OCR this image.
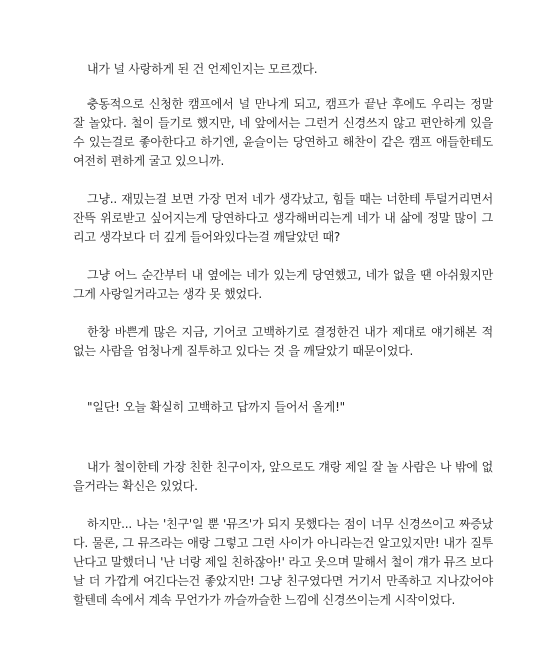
내가 널 사랑하게 된 건 언제인지는 모르겠다.

충동적으로 신청한 캠프에서 널 만나게 되고, 캠프가 끝난 후에도 우리는 정말 잘 놀았다. 철이 들기로 했지만, 네 앞에서는 그런거 신경쓰지 않고 편안하게 있을 수 있는걸로 좋아한다고 하기엔, 윤슬이는 당연하고 해찬이 같은 캠프 애들한테도 여전히 편하게 굴고 있으니까.

그냥.. 재밌는걸 보면 가장 먼저 네가 생각났고, 힘들 때는 너한테 투덜거리면서 잔뜩 위로받고 싶어지는게 당연하다고 생각해버리는게 네가 내 삶에 정말 많이 그리고 생각보다 더 깊게 들어와있다는걸 깨달았던 때?

그냥 어느 순간부터 내 옆에는 네가 있는게 당연했고, 네가 없을 땐 아쉬웠지만 그게 사랑일거라고는 생각 못 했었다.

한창 바쁜게 많은 지금, 기어코 고백하기로 결정한건 내가 제대로 얘기해본 적 없는 사람을 엄청나게 질투하고 있다는 것 을 깨달았기 때문이었다.

"일단! 오늘 확실히 고백하고 답까지 들어서 올게!"

내가 철이한테 가장 친한 친구이자, 앞으로도 걔랑 제일 잘 놀 사람은 나 밖에 없을거라는 확신은 있었다.

하지만... 나는 '친구'일 뿐 '뮤즈'가 되지 못했다는 점이 너무 신경쓰이고 짜증났다. 물론, 그 뮤즈라는 애랑 그렇고 그런 사이가 아니라는건 알고있지만! 내가 질투난다고 말했더니 '난 너랑 제일 친하잖아!' 라고 웃으며 말해서 철이 걔가 뮤즈 보다 날 더 가깝게 여긴다는건 좋았지만! 그냥 친구였다면 거기서 만족하고 지나갔어야할텐데 속에서 계속 무언가가 까슬까슬한 느낌에 신경쓰이는게 시작이었다.
